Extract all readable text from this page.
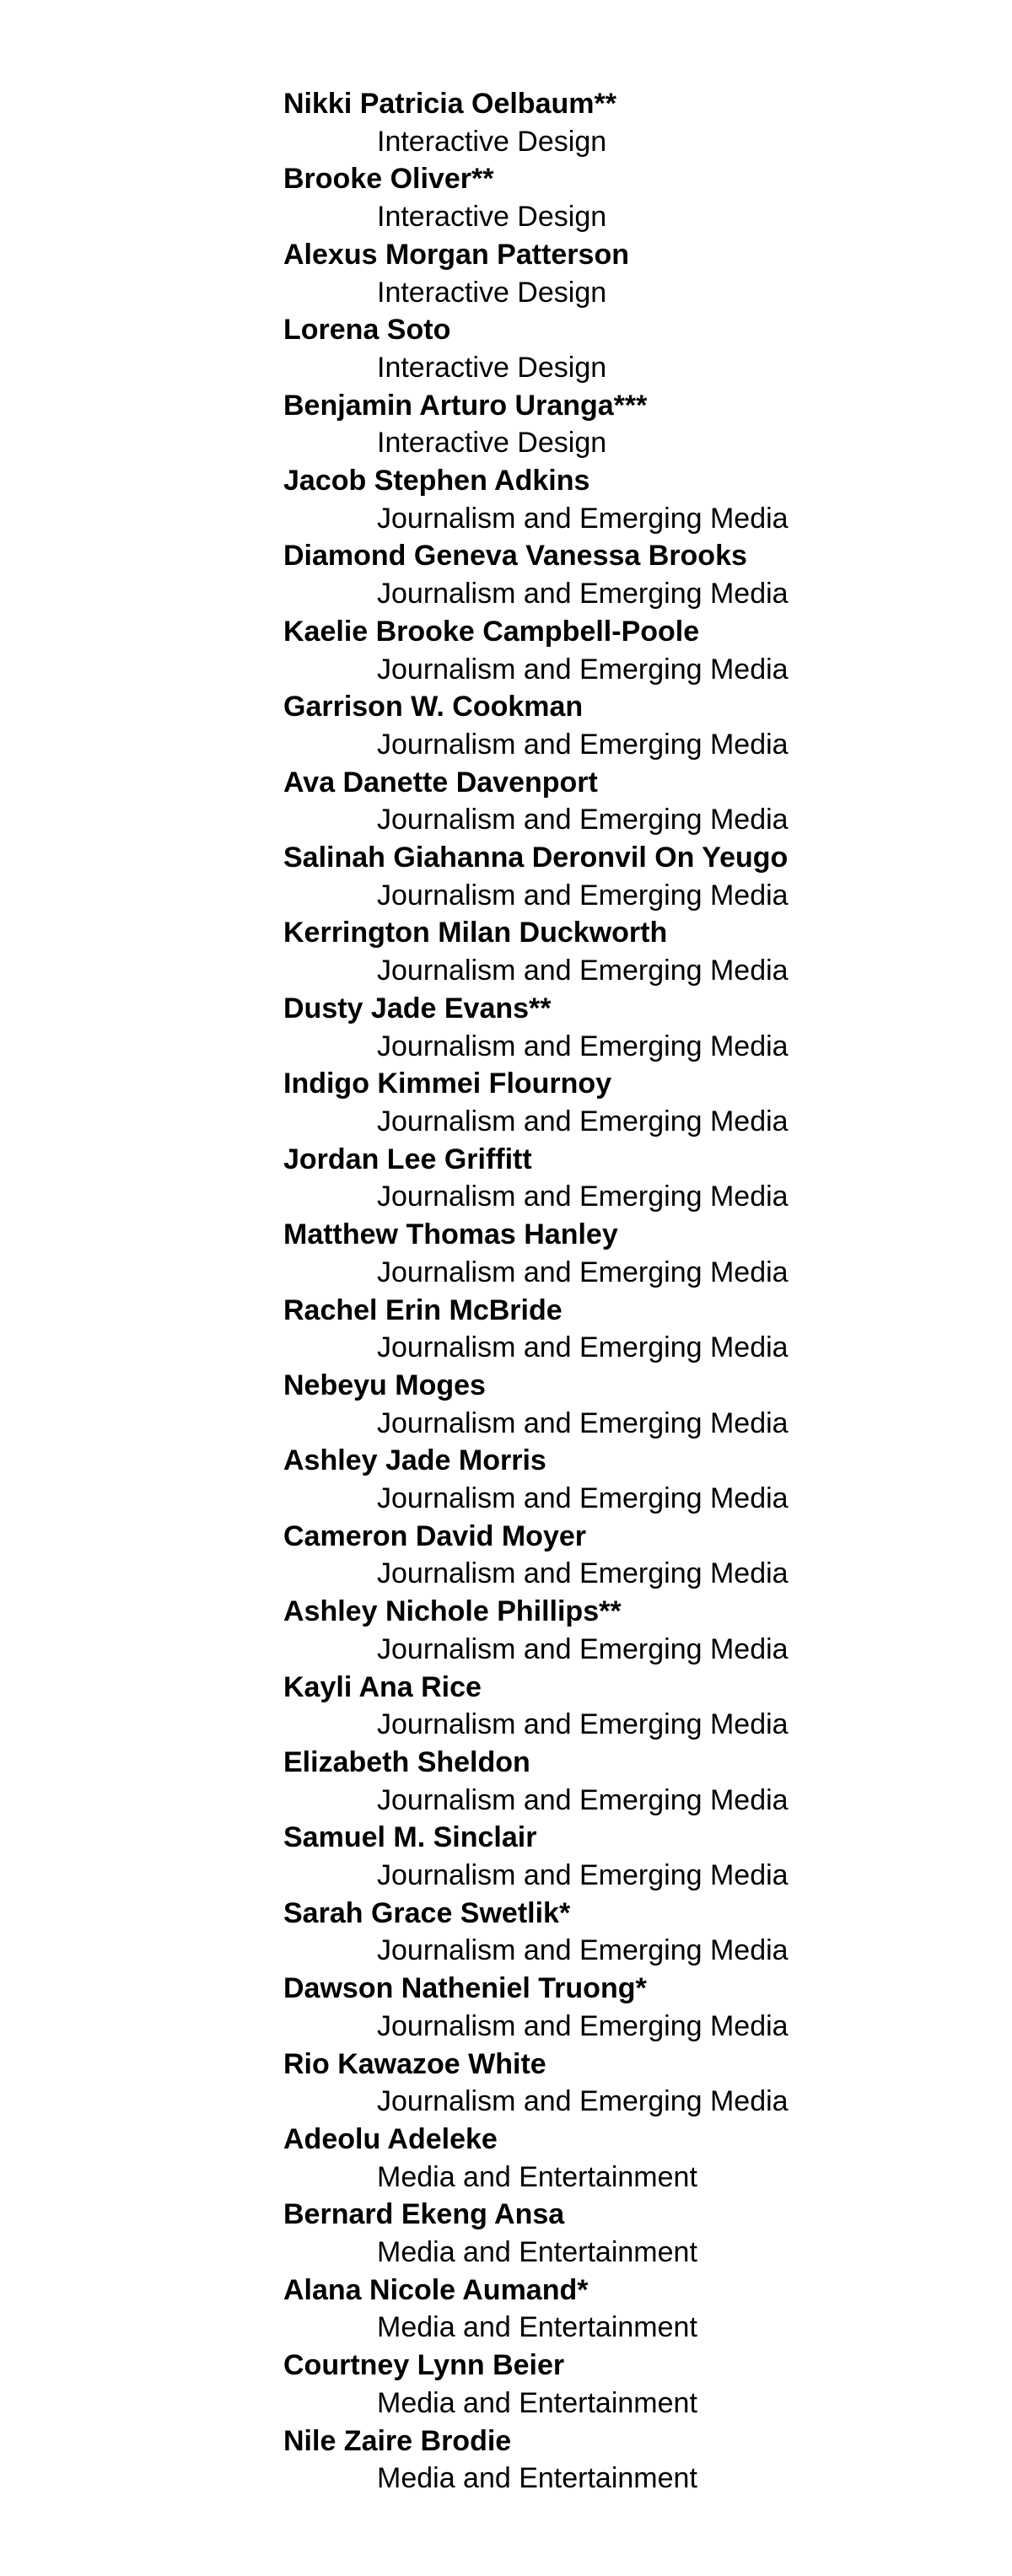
Nikki Patricia Oelbaum**
Interactive Design
Brooke Oliver**
Interactive Design
Alexus Morgan Patterson
Interactive Design
Lorena Soto
Interactive Design
Benjamin Arturo Uranga***
Interactive Design
Jacob Stephen Adkins
Journalism and Emerging Media
Diamond Geneva Vanessa Brooks
Journalism and Emerging Media
Kaelie Brooke Campbell-Poole
Journalism and Emerging Media
Garrison W. Cookman
Journalism and Emerging Media
Ava Danette Davenport
Journalism and Emerging Media
Salinah Giahanna Deronvil On Yeugo
Journalism and Emerging Media
Kerrington Milan Duckworth
Journalism and Emerging Media
Dusty Jade Evans**
Journalism and Emerging Media
Indigo Kimmei Flournoy
Journalism and Emerging Media
Jordan Lee Griffitt
Journalism and Emerging Media
Matthew Thomas Hanley
Journalism and Emerging Media
Rachel Erin McBride
Journalism and Emerging Media
Nebeyu Moges
Journalism and Emerging Media
Ashley Jade Morris
Journalism and Emerging Media
Cameron David Moyer
Journalism and Emerging Media
Ashley Nichole Phillips**
Journalism and Emerging Media
Kayli Ana Rice
Journalism and Emerging Media
Elizabeth Sheldon
Journalism and Emerging Media
Samuel M. Sinclair
Journalism and Emerging Media
Sarah Grace Swetlik*
Journalism and Emerging Media
Dawson Natheniel Truong*
Journalism and Emerging Media
Rio Kawazoe White
Journalism and Emerging Media
Adeolu Adeleke
Media and Entertainment
Bernard Ekeng Ansa
Media and Entertainment
Alana Nicole Aumand*
Media and Entertainment
Courtney Lynn Beier
Media and Entertainment
Nile Zaire Brodie
Media and Entertainment
